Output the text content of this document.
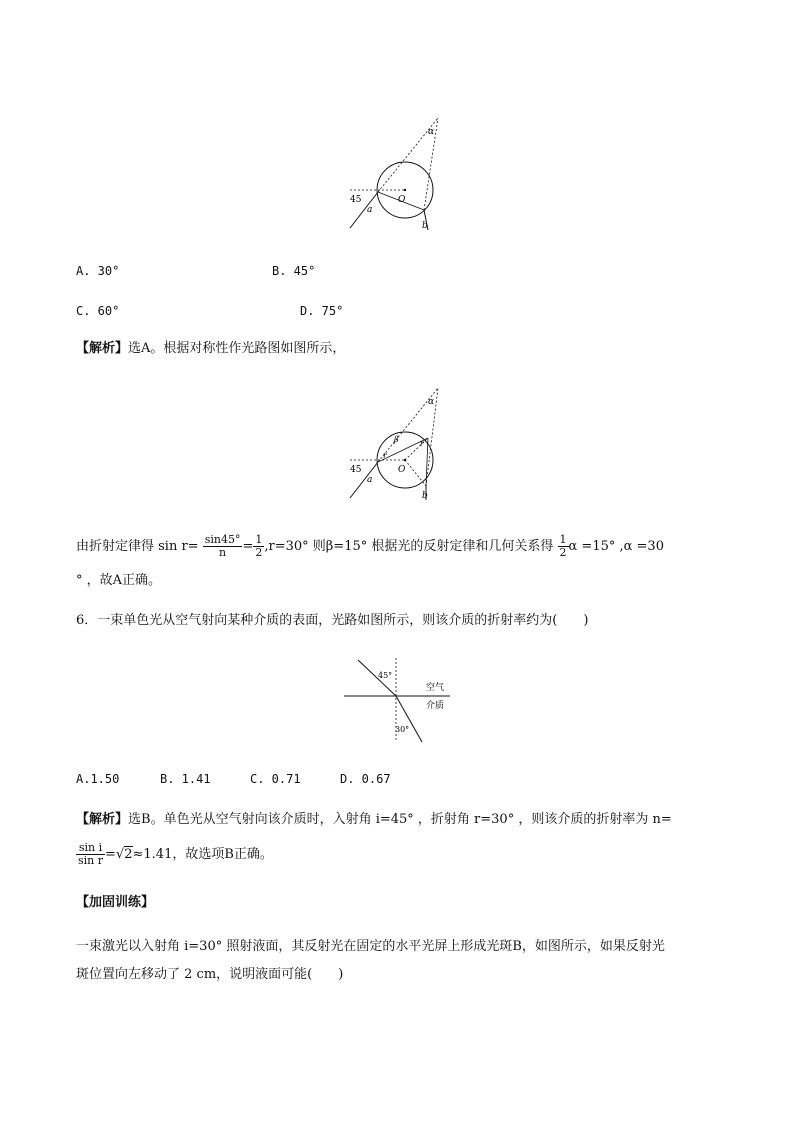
45
a
O
b
α
A. 30°	B. 45°
C. 60°	D. 75°
【解析】选A。根据对称性作光路图如图所示，
45
a
O
b
α
β
r
r
由折射定律得 $\sin r= \frac{\sin 45^\circ}{n} = \frac{1}{2} ,r=30^\circ$ 则β=15° 根据光的反射定律和几何关系得 $\frac{1}{2}$ α =15° ,α =30
° ，故A正确。
6．一束单色光从空气射向某种介质的表面，光路如图所示，则该介质的折射率约为(　　)
45°
30°
空气
介质
A.1.50	B. 1.41	C. 0.71	D. 0.67
【解析】选B。单色光从空气射向该介质时，入射角 i=45° ，折射角 r=30° ，则该介质的折射率为 n=
$\frac{\text{sin i}}{\text{sin r}} =√2\approx 1.41$，故选项B正确。
【加固训练】
一束激光以入射角 i=30° 照射液面，其反射光在固定的水平光屏上形成光斑B，如图所示，如果反射光
斑位置向左移动了 2 cm，说明液面可能(　　)
